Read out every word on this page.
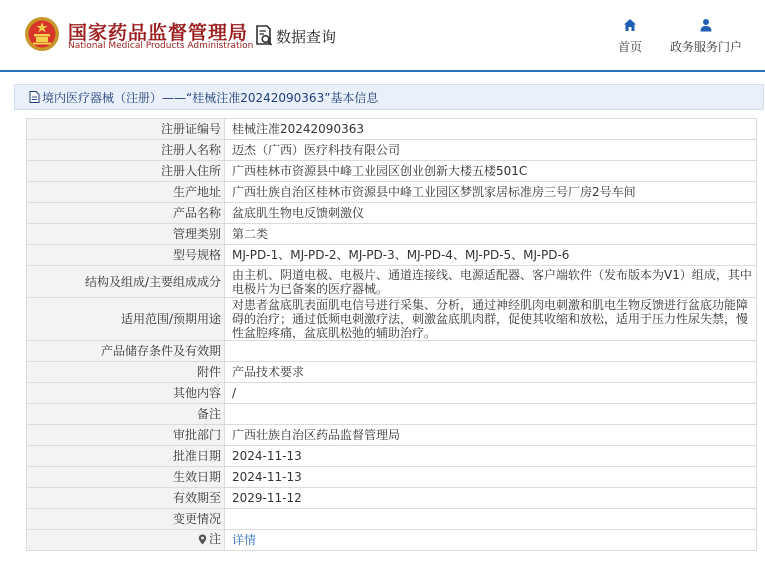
国家药品监督管理局
National Medical Products Administration
数据查询
首页 政务服务门户
境内医疗器械（注册）——“桂械注准20242090363”基本信息
注册证编号	桂械注准20242090363
注册人名称	迈杰（广西）医疗科技有限公司
注册人住所	广西桂林市资源县中峰工业园区创业创新大楼五楼501C
生产地址	广西壮族自治区桂林市资源县中峰工业园区梦凯家居标准房三号厂房2号车间
产品名称	盆底肌生物电反馈刺激仪
管理类别	第二类
型号规格	MJ-PD-1、MJ-PD-2、MJ-PD-3、MJ-PD-4、MJ-PD-5、MJ-PD-6
结构及组成/主要组成成分	由主机、阴道电极、电极片、通道连接线、电源适配器、客户端软件（发布版本为V1）组成，其中电极片为已备案的医疗器械。
适用范围/预期用途	对患者盆底肌表面肌电信号进行采集、分析，通过神经肌肉电刺激和肌电生物反馈进行盆底功能障碍的治疗；通过低频电刺激疗法，刺激盆底肌肉群，促使其收缩和放松，适用于压力性尿失禁，慢性盆腔疼痛，盆底肌松弛的辅助治疗。
产品储存条件及有效期	
附件	产品技术要求
其他内容	/
备注	
审批部门	广西壮族自治区药品监督管理局
批准日期	2024-11-13
生效日期	2024-11-13
有效期至	2029-11-12
变更情况	

注	详情
